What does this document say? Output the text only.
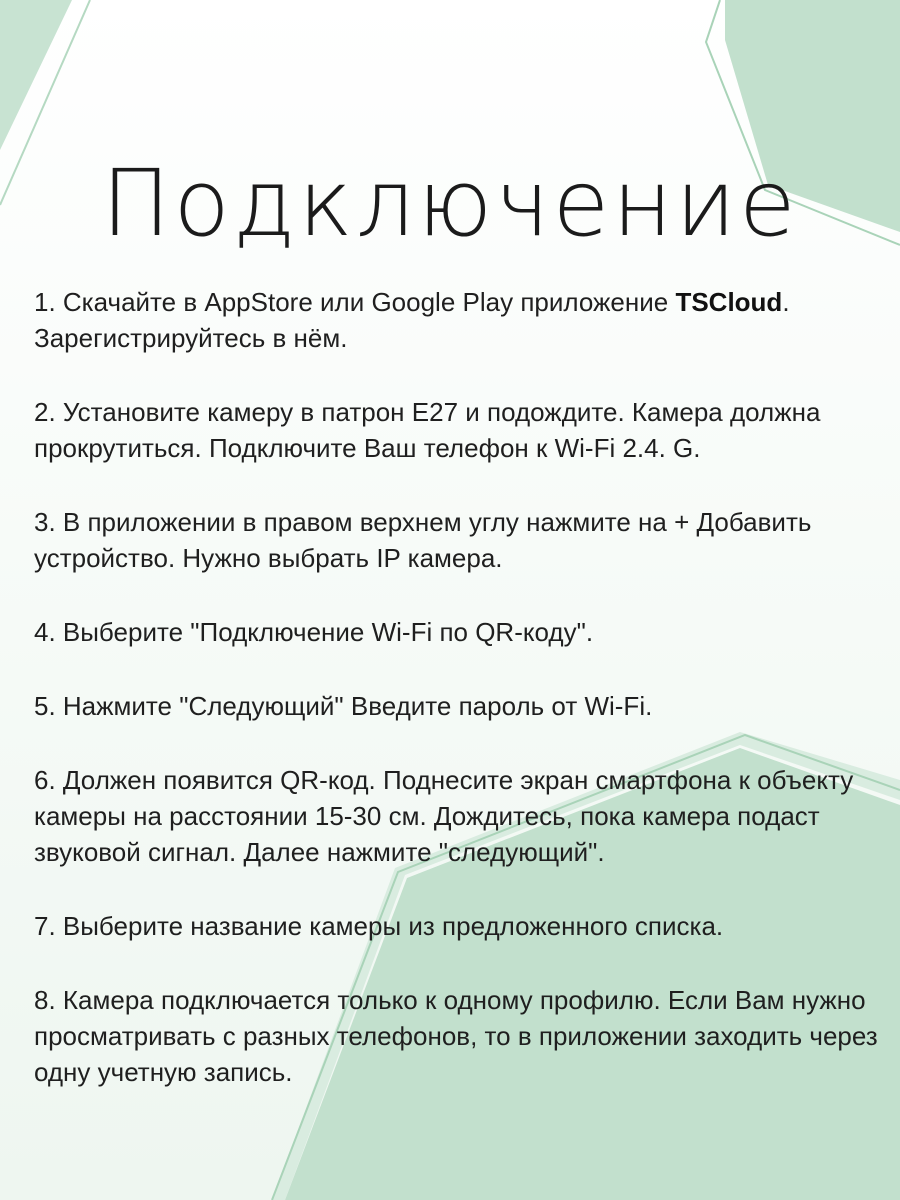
Подключение

1. Скачайте в AppStore или Google Play приложение TSCloud. Зарегистрируйтесь в нём.

2. Установите камеру в патрон E27 и подождите. Камера должна прокрутиться. Подключите Ваш телефон к Wi-Fi 2.4. G.

3. В приложении в правом верхнем углу нажмите на + Добавить устройство. Нужно выбрать IP камера.

4. Выберите "Подключение Wi-Fi по QR-коду".

5. Нажмите "Следующий" Введите пароль от Wi-Fi.

6. Должен появится QR-код. Поднесите экран смартфона к объекту камеры на расстоянии 15-30 см. Дождитесь, пока камера подаст звуковой сигнал. Далее нажмите "следующий".

7. Выберите название камеры из предложенного списка.

8. Камера подключается только к одному профилю. Если Вам нужно просматривать с разных телефонов, то в приложении заходить через одну учетную запись.
